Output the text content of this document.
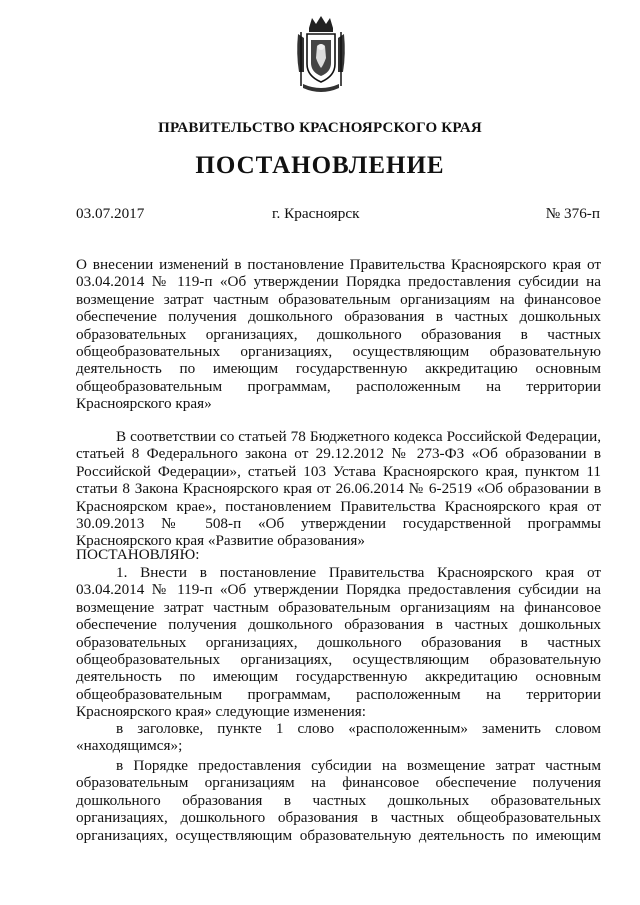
ПРАВИТЕЛЬСТВО КРАСНОЯРСКОГО КРАЯ
ПОСТАНОВЛЕНИЕ
03.07.2017	г. Красноярск	№ 376-п
О внесении изменений в постановление Правительства Красноярского края от 03.04.2014 № 119-п «Об утверждении Порядка предоставления субсидии на возмещение затрат частным образовательным организациям на финансовое обеспечение получения дошкольного образования в частных дошкольных образовательных организациях, дошкольного образования в частных общеобразовательных организациях, осуществляющим образовательную деятельность по имеющим государственную аккредитацию основным общеобразовательным программам, расположенным на территории Красноярского края»
В соответствии со статьей 78 Бюджетного кодекса Российской Федерации, статьей 8 Федерального закона от 29.12.2012 № 273-ФЗ «Об образовании в Российской Федерации», статьей 103 Устава Красноярского края, пунктом 11 статьи 8 Закона Красноярского края от 26.06.2014 № 6-2519 «Об образовании в Красноярском крае», постановлением Правительства Красноярского края от 30.09.2013 № 508-п «Об утверждении государственной программы Красноярского края «Развитие образования»
ПОСТАНОВЛЯЮ:
1. Внести в постановление Правительства Красноярского края от 03.04.2014 № 119-п «Об утверждении Порядка предоставления субсидии на возмещение затрат частным образовательным организациям на финансовое обеспечение получения дошкольного образования в частных дошкольных образовательных организациях, дошкольного образования в частных общеобразовательных организациях, осуществляющим образовательную деятельность по имеющим государственную аккредитацию основным общеобразовательным программам, расположенным на территории Красноярского края» следующие изменения:
в заголовке, пункте 1 слово «расположенным» заменить словом «находящимся»;
в Порядке предоставления субсидии на возмещение затрат частным образовательным организациям на финансовое обеспечение получения дошкольного образования в частных дошкольных образовательных организациях, дошкольного образования в частных общеобразовательных организациях, осуществляющим образовательную деятельность по имеющим
